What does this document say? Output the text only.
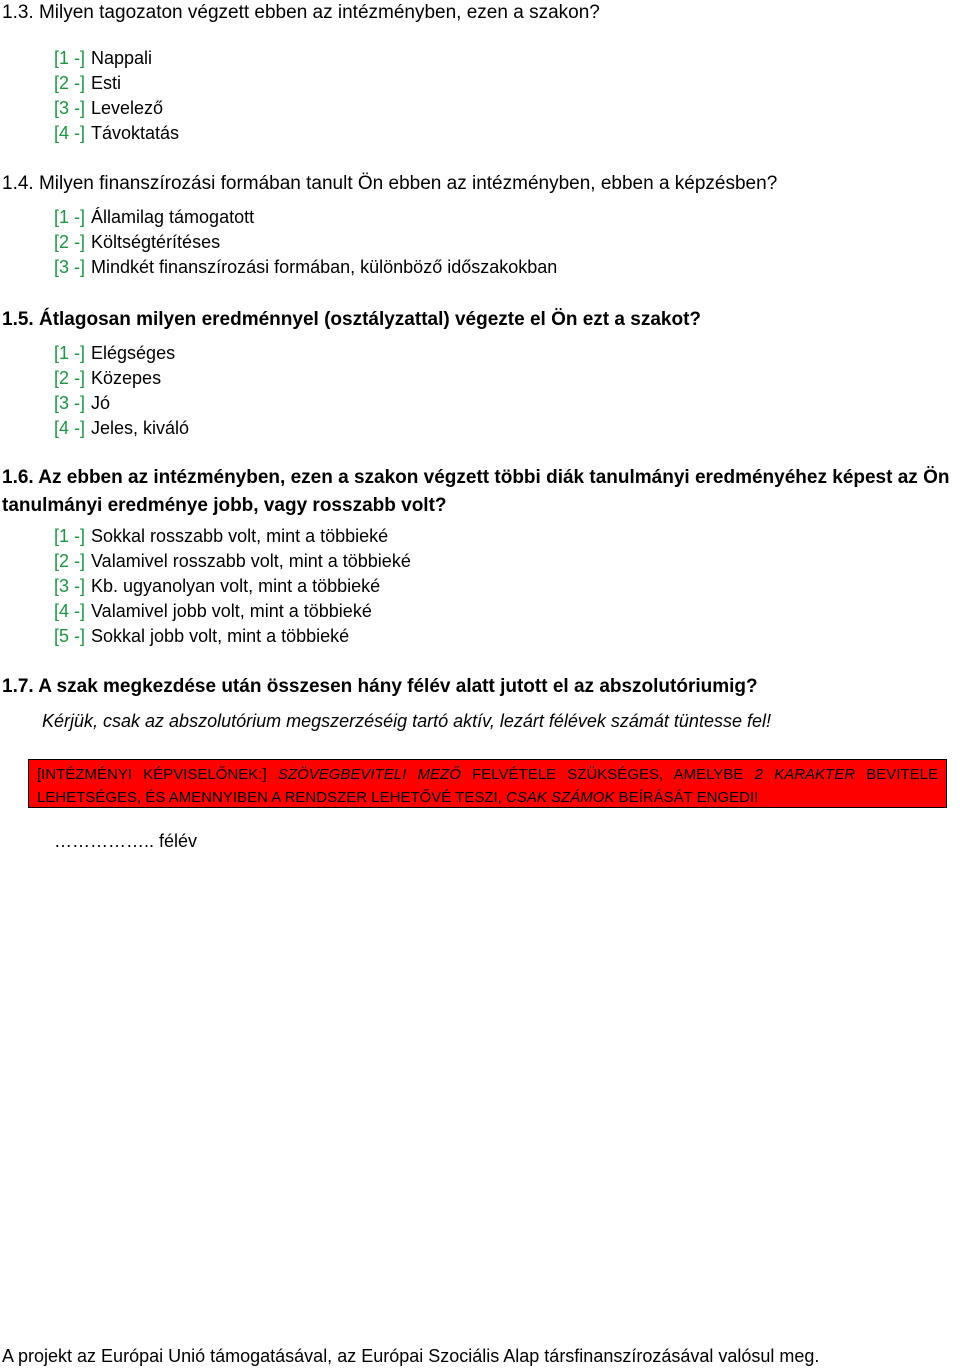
1.3. Milyen tagozaton végzett ebben az intézményben, ezen a szakon?

[1 -] Nappali
[2 -] Esti
[3 -] Levelező
[4 -] Távoktatás

1.4. Milyen finanszírozási formában tanult Ön ebben az intézményben, ebben a képzésben?

[1 -] Államilag támogatott
[2 -] Költségtérítéses
[3 -] Mindkét finanszírozási formában, különböző időszakokban

1.5. Átlagosan milyen eredménnyel (osztályzattal) végezte el Ön ezt a szakot?

[1 -] Elégséges
[2 -] Közepes
[3 -] Jó
[4 -] Jeles, kiváló

1.6. Az ebben az intézményben, ezen a szakon végzett többi diák tanulmányi eredményéhez képest az Ön tanulmányi eredménye jobb, vagy rosszabb volt?

[1 -] Sokkal rosszabb volt, mint a többieké
[2 -] Valamivel rosszabb volt, mint a többieké
[3 -] Kb. ugyanolyan volt, mint a többieké
[4 -] Valamivel jobb volt, mint a többieké
[5 -] Sokkal jobb volt, mint a többieké

1.7. A szak megkezdése után összesen hány félév alatt jutott el az abszolutóriumig?

Kérjük, csak az abszolutórium megszerzéséig tartó aktív, lezárt félévek számát tüntesse fel!

[INTÉZMÉNYI KÉPVISELŐNEK:] SZÖVEGBEVITELI MEZŐ FELVÉTELE SZÜKSÉGES, AMELYBE 2 KARAKTER BEVITELE LEHETSÉGES, ÉS AMENNYIBEN A RENDSZER LEHETŐVÉ TESZI, CSAK SZÁMOK BEÍRÁSÁT ENGEDI!

…………….. félév

A projekt az Európai Unió támogatásával, az Európai Szociális Alap társfinanszírozásával valósul meg.
